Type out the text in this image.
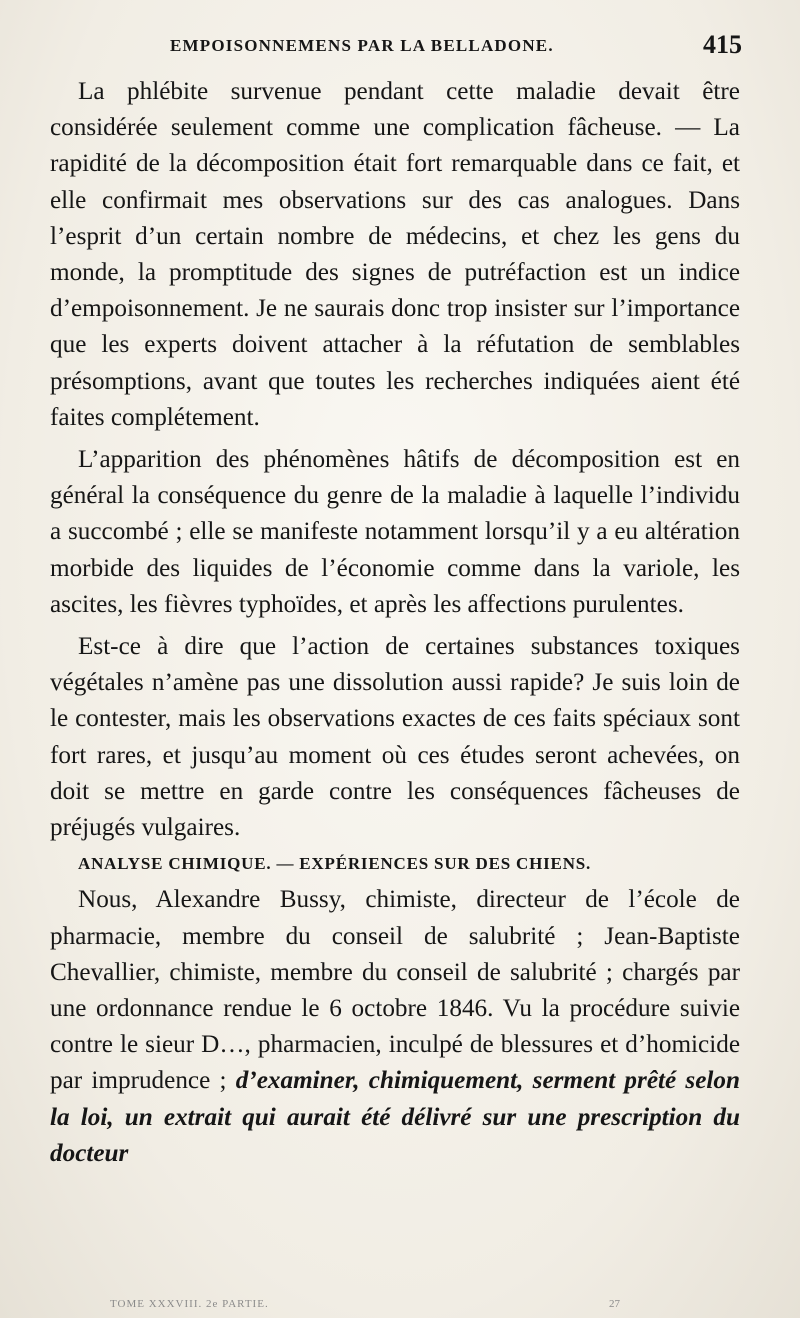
EMPOISONNEMENS PAR LA BELLADONE.	415

La phlébite survenue pendant cette maladie devait être considérée seulement comme une complication fâcheuse. — La rapidité de la décomposition était fort remarquable dans ce fait, et elle confirmait mes observations sur des cas analogues. Dans l’esprit d’un certain nombre de médecins, et chez les gens du monde, la promptitude des signes de putréfaction est un indice d’empoisonnement. Je ne saurais donc trop insister sur l’importance que les experts doivent attacher à la réfutation de semblables présomptions, avant que toutes les recherches indiquées aient été faites complétement.

L’apparition des phénomènes hâtifs de décomposition est en général la conséquence du genre de la maladie à laquelle l’individu a succombé ; elle se manifeste notamment lorsqu’il y a eu altération morbide des liquides de l’économie comme dans la variole, les ascites, les fièvres typhoïdes, et après les affections purulentes.

Est-ce à dire que l’action de certaines substances toxiques végétales n’amène pas une dissolution aussi rapide? Je suis loin de le contester, mais les observations exactes de ces faits spéciaux sont fort rares, et jusqu’au moment où ces études seront achevées, on doit se mettre en garde contre les conséquences fâcheuses de préjugés vulgaires.

ANALYSE CHIMIQUE. — EXPÉRIENCES SUR DES CHIENS.

Nous, Alexandre Bussy, chimiste, directeur de l’école de pharmacie, membre du conseil de salubrité ; Jean-Baptiste Chevallier, chimiste, membre du conseil de salubrité ; chargés par une ordonnance rendue le 6 octobre 1846. Vu la procédure suivie contre le sieur D…, pharmacien, inculpé de blessures et d’homicide par imprudence ; d’examiner, chimiquement, serment prêté selon la loi, un extrait qui aurait été délivré sur une prescription du docteur

TOME XXXVIII. 2e PARTIE.	27
